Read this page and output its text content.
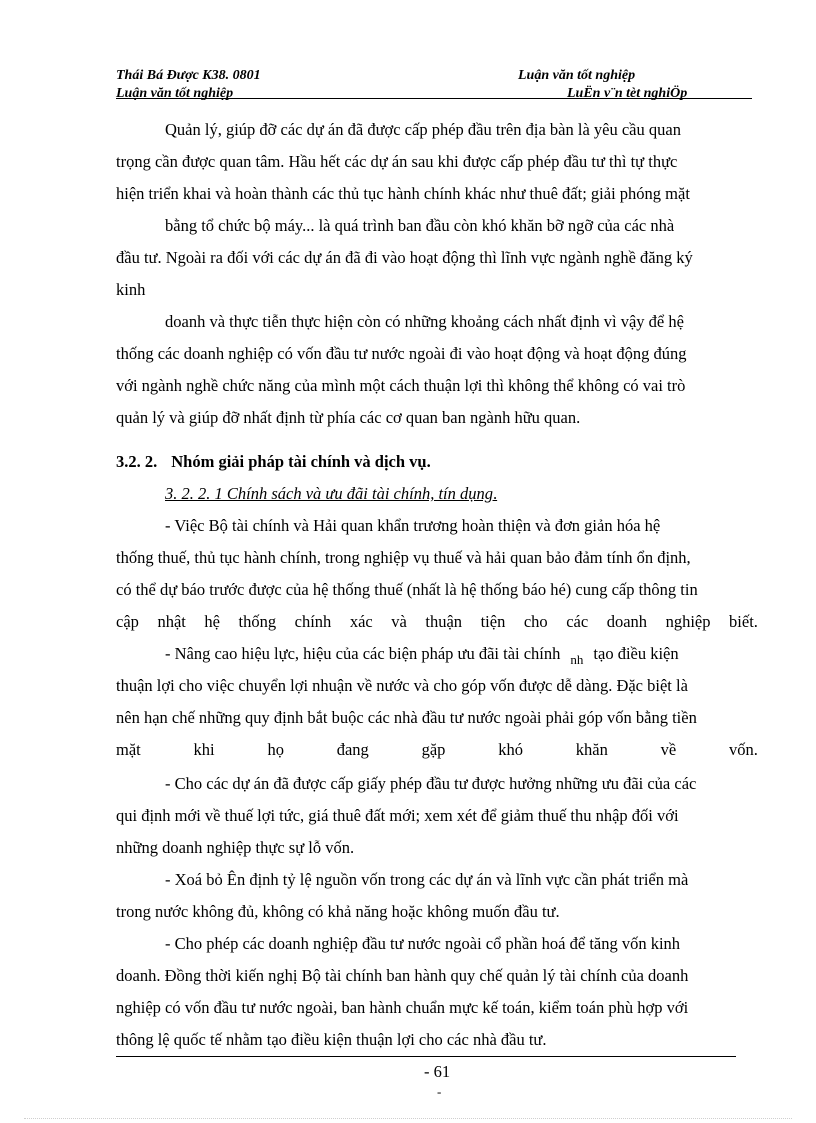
Thái Bá Được K38. 0801	Luận văn tốt nghiệp
Luận văn tốt nghiệp	LuËn v¨n tèt nghiÖp
Quản lý, giúp đỡ các dự án đã được cấp phép đầu trên địa bàn là yêu cầu quan
trọng cần được quan tâm. Hầu hết các dự án sau khi được cấp phép đầu tư thì tự thực
hiện triển khai và hoàn thành các thủ tục hành chính khác như thuê đất; giải phóng mặt
bằng tổ chức bộ máy... là quá trình ban đầu còn khó khăn bỡ ngỡ của các nhà
đầu tư. Ngoài ra đối với các dự án đã đi vào hoạt động thì lĩnh vực ngành nghề đăng ký
kinh
doanh và thực tiễn thực hiện còn có những khoảng cách nhất định vì vậy để hệ
thống các doanh nghiệp có vốn đầu tư nước ngoài đi vào hoạt động và hoạt động đúng
với ngành nghề chức năng của mình một cách thuận lợi thì không thể không có vai trò
quản lý và giúp đỡ nhất định từ phía các cơ quan ban ngành hữu quan.
3.2. 2. Nhóm giải pháp tài chính và dịch vụ.
3. 2. 2. 1 Chính sách và ưu đãi tài chính, tín dụng.
- Việc Bộ tài chính và Hải quan khẩn trương hoàn thiện và đơn giản hóa hệ
thống thuế, thủ tục hành chính, trong nghiệp vụ thuế và hải quan bảo đảm tính ổn định,
có thể dự báo trước được của hệ thống thuế (nhất là hệ thống báo hé) cung cấp thông tin
cập nhật hệ thống chính xác và thuận tiện cho các doanh nghiệp biết.
- Nâng cao hiệu lực, hiệu của các biện pháp ưu đãi tài chính $_{nh}$ tạo điều kiện
thuận lợi cho việc chuyển lợi nhuận về nước và cho góp vốn được dễ dàng. Đặc biệt là
nên hạn chế những quy định bắt buộc các nhà đầu tư nước ngoài phải góp vốn bằng tiền
mặt	khi	họ	đang	gặp	khó	khăn	về	vốn.
- Cho các dự án đã được cấp giấy phép đầu tư được hưởng những ưu đãi của các
qui định mới về thuế lợi tức, giá thuê đất mới; xem xét để giảm thuế thu nhập đối với
những doanh nghiệp thực sự lỗ vốn.
- Xoá bỏ Ên định tỷ lệ nguồn vốn trong các dự án và lĩnh vực cần phát triển mà
trong nước không đủ, không có khả năng hoặc không muốn đầu tư.
- Cho phép các doanh nghiệp đầu tư nước ngoài cổ phần hoá để tăng vốn kinh
doanh. Đồng thời kiến nghị Bộ tài chính ban hành quy chế quản lý tài chính của doanh
nghiệp có vốn đầu tư nước ngoài, ban hành chuẩn mực kế toán, kiểm toán phù hợp với
thông lệ quốc tế nhằm tạo điều kiện thuận lợi cho các nhà đầu tư.
- 61
-
